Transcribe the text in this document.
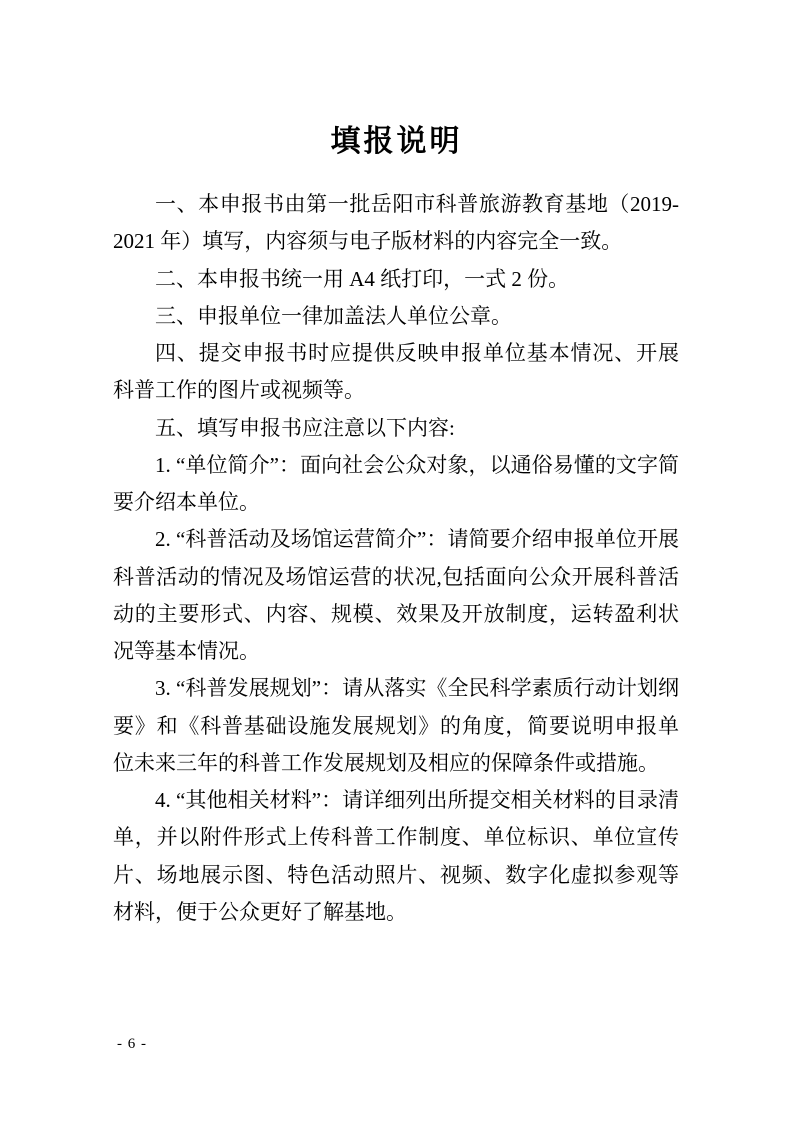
填报说明

一、本申报书由第一批岳阳市科普旅游教育基地（2019-2021 年）填写，内容须与电子版材料的内容完全一致。

二、本申报书统一用 A4 纸打印，一式 2 份。

三、申报单位一律加盖法人单位公章。

四、提交申报书时应提供反映申报单位基本情况、开展科普工作的图片或视频等。

五、填写申报书应注意以下内容:

1. “单位简介”：面向社会公众对象，以通俗易懂的文字简要介绍本单位。

2. “科普活动及场馆运营简介”：请简要介绍申报单位开展科普活动的情况及场馆运营的状况,包括面向公众开展科普活动的主要形式、内容、规模、效果及开放制度，运转盈利状况等基本情况。

3. “科普发展规划”：请从落实《全民科学素质行动计划纲要》和《科普基础设施发展规划》的角度，简要说明申报单位未来三年的科普工作发展规划及相应的保障条件或措施。

4. “其他相关材料”：请详细列出所提交相关材料的目录清单，并以附件形式上传科普工作制度、单位标识、单位宣传片、场地展示图、特色活动照片、视频、数字化虚拟参观等材料，便于公众更好了解基地。

- 6 -
